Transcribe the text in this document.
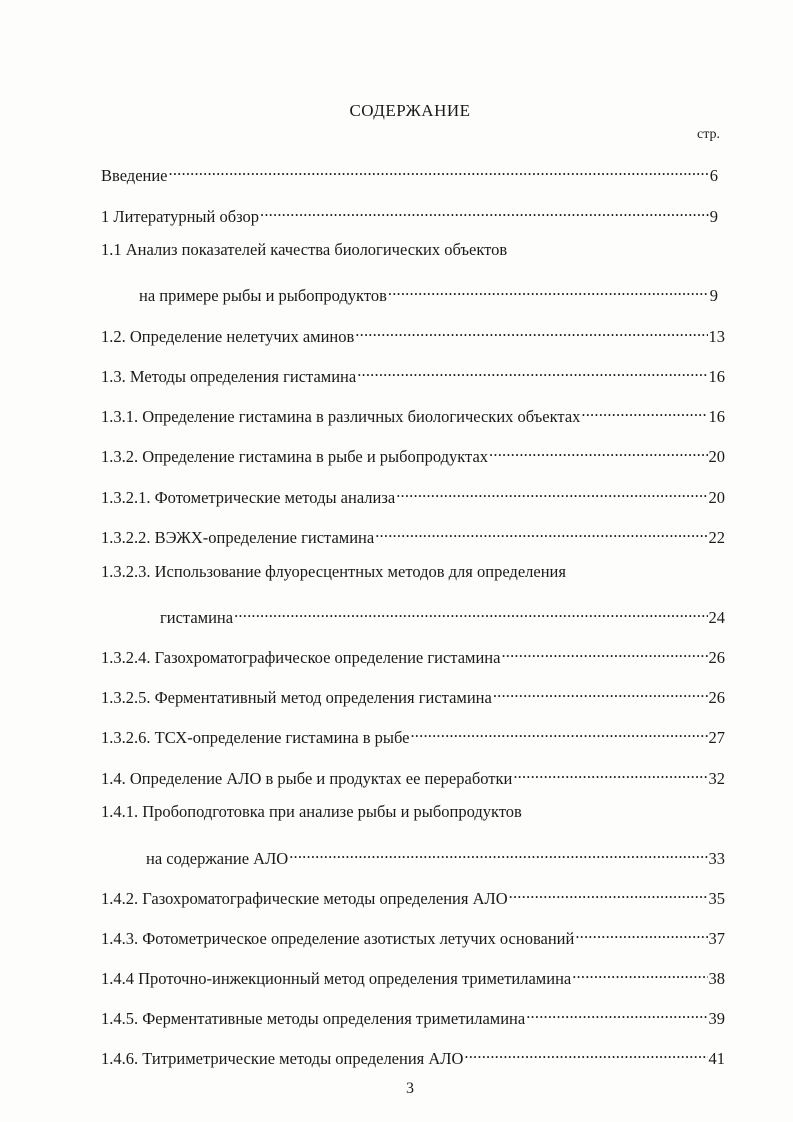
СОДЕРЖАНИЕ
стр.
Введение .....	6
1 Литературный обзор .....	9
1.1 Анализ показателей качества биологических объектов
на примере рыбы и рыбопродуктов .....	9
1.2. Определение нелетучих аминов .....	13
1.3. Методы определения гистамина .....	16
1.3.1. Определение гистамина в различных биологических объектах .....	16
1.3.2. Определение гистамина в рыбе и рыбопродуктах .....	20
1.3.2.1. Фотометрические методы анализа .....	20
1.3.2.2. ВЭЖХ-определение гистамина .....	22
1.3.2.3. Использование флуоресцентных методов для определения
гистамина .....	24
1.3.2.4. Газохроматографическое определение гистамина .....	26
1.3.2.5. Ферментативный метод определения гистамина .....	26
1.3.2.6. ТСХ-определение гистамина в рыбе .....	27
1.4. Определение АЛО в рыбе и продуктах ее переработки .....	32
1.4.1. Пробоподготовка при анализе рыбы и рыбопродуктов
на содержание АЛО .....	33
1.4.2. Газохроматографические методы определения АЛО .....	35
1.4.3. Фотометрическое определение азотистых летучих оснований .....	37
1.4.4 Проточно-инжекционный метод определения триметиламина .....	38
1.4.5. Ферментативные методы определения триметиламина .....	39
1.4.6. Титриметрические методы определения АЛО .....	41
3
